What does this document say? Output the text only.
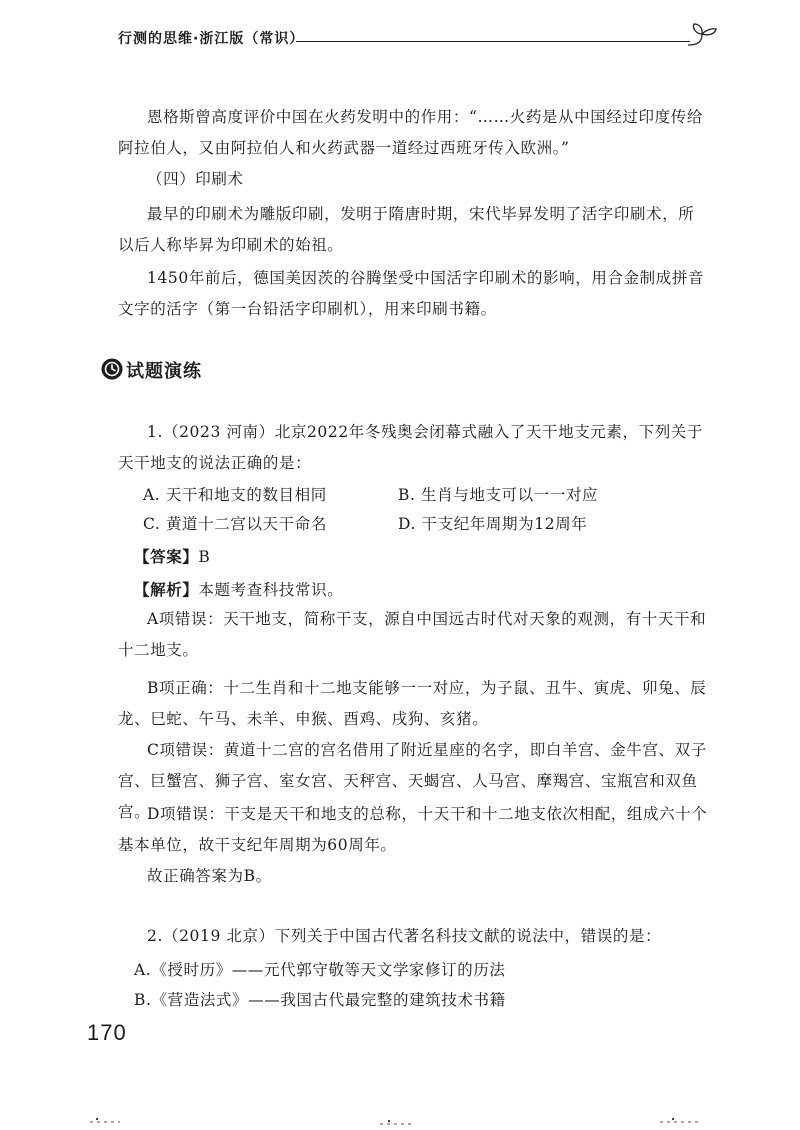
行测的思维·浙江版（常识）
恩格斯曾高度评价中国在火药发明中的作用：“……火药是从中国经过印度传给阿拉伯人，又由阿拉伯人和火药武器一道经过西班牙传入欧洲。”
（四）印刷术
最早的印刷术为雕版印刷，发明于隋唐时期，宋代毕昇发明了活字印刷术，所以后人称毕昇为印刷术的始祖。
1450年前后，德国美因茨的谷腾堡受中国活字印刷术的影响，用合金制成拼音文字的活字（第一台铅活字印刷机），用来印刷书籍。
试题演练
1.（2023 河南）北京2022年冬残奥会闭幕式融入了天干地支元素，下列关于天干地支的说法正确的是：
A. 天干和地支的数目相同	B. 生肖与地支可以一一对应
C. 黄道十二宫以天干命名	D. 干支纪年周期为12周年
【答案】B
【解析】本题考查科技常识。
A项错误：天干地支，简称干支，源自中国远古时代对天象的观测，有十天干和十二地支。
B项正确：十二生肖和十二地支能够一一对应，为子鼠、丑牛、寅虎、卯兔、辰龙、巳蛇、午马、未羊、申猴、酉鸡、戌狗、亥猪。
C项错误：黄道十二宫的宫名借用了附近星座的名字，即白羊宫、金牛宫、双子宫、巨蟹宫、狮子宫、室女宫、天秤宫、天蝎宫、人马宫、摩羯宫、宝瓶宫和双鱼宫。
D项错误：干支是天干和地支的总称，十天干和十二地支依次相配，组成六十个基本单位，故干支纪年周期为60周年。
故正确答案为B。
2.（2019 北京）下列关于中国古代著名科技文献的说法中，错误的是：
A.《授时历》——元代郭守敬等天文学家修订的历法
B.《营造法式》——我国古代最完整的建筑技术书籍
170
